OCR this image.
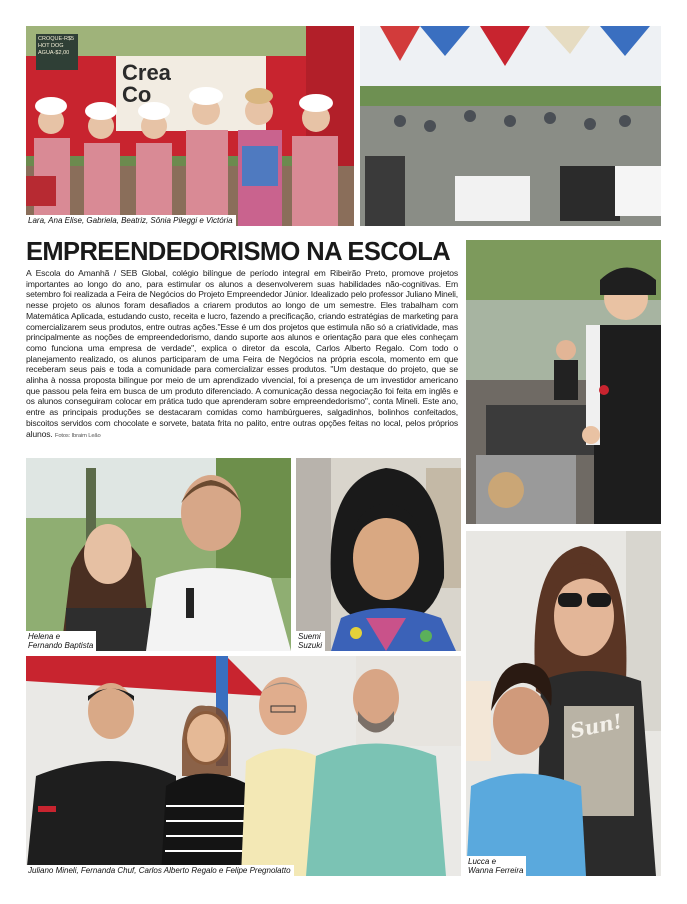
Crea
Co
CROQUE-R$5
HOT DOG
AGUA-$2,00
Lara, Ana Elise, Gabriela, Beatriz, Sônia Pileggi e Victória
EMPREENDEDORISMO NA ESCOLA
A Escola do Amanhã / SEB Global, colégio bilíngue de período integral em Ribeirão Preto, promove projetos importantes ao longo do ano, para estimular os alunos a desenvolverem suas habilidades não-cognitivas. Em setembro foi realizada a Feira de Negócios do Projeto Empreendedor Júnior. Idealizado pelo professor Juliano Mineli, nesse projeto os alunos foram desafiados a criarem produtos ao longo de um semestre. Eles trabalham com Matemática Aplicada, estudando custo, receita e lucro, fazendo a precificação, criando estratégias de marketing para comercializarem seus produtos, entre outras ações."Esse é um dos projetos que estimula não só a criatividade, mas principalmente as noções de empreendedorismo, dando suporte aos alunos e orientação para que eles conheçam como funciona uma empresa de verdade", explica o diretor da escola, Carlos Alberto Regalo. Com todo o planejamento realizado, os alunos participaram de uma Feira de Negócios na própria escola, momento em que receberam seus pais e toda a comunidade para comercializar esses produtos. "Um destaque do projeto, que se alinha à nossa proposta bilíngue por meio de um aprendizado vivencial, foi a presença de um investidor americano que passou pela feira em busca de um produto diferenciado. A comunicação dessa negociação foi feita em inglês e os alunos conseguiram colocar em prática tudo que aprenderam sobre empreendedorismo", conta Mineli. Este ano, entre as principais produções se destacaram comidas como hambúrgueres, salgadinhos, bolinhos confeitados, biscoitos servidos com chocolate e sorvete, batata frita no palito, entre outras opções feitas no local, pelos próprios alunos. Fotos: Ibraim Leão
Helena e
Fernando Baptista
Suemi
Suzuki
Juliano Mineli, Fernanda Chuf, Carlos Alberto Regalo e Felipe Pregnolatto
Sun!
Lucca e
Wanna Ferreira
